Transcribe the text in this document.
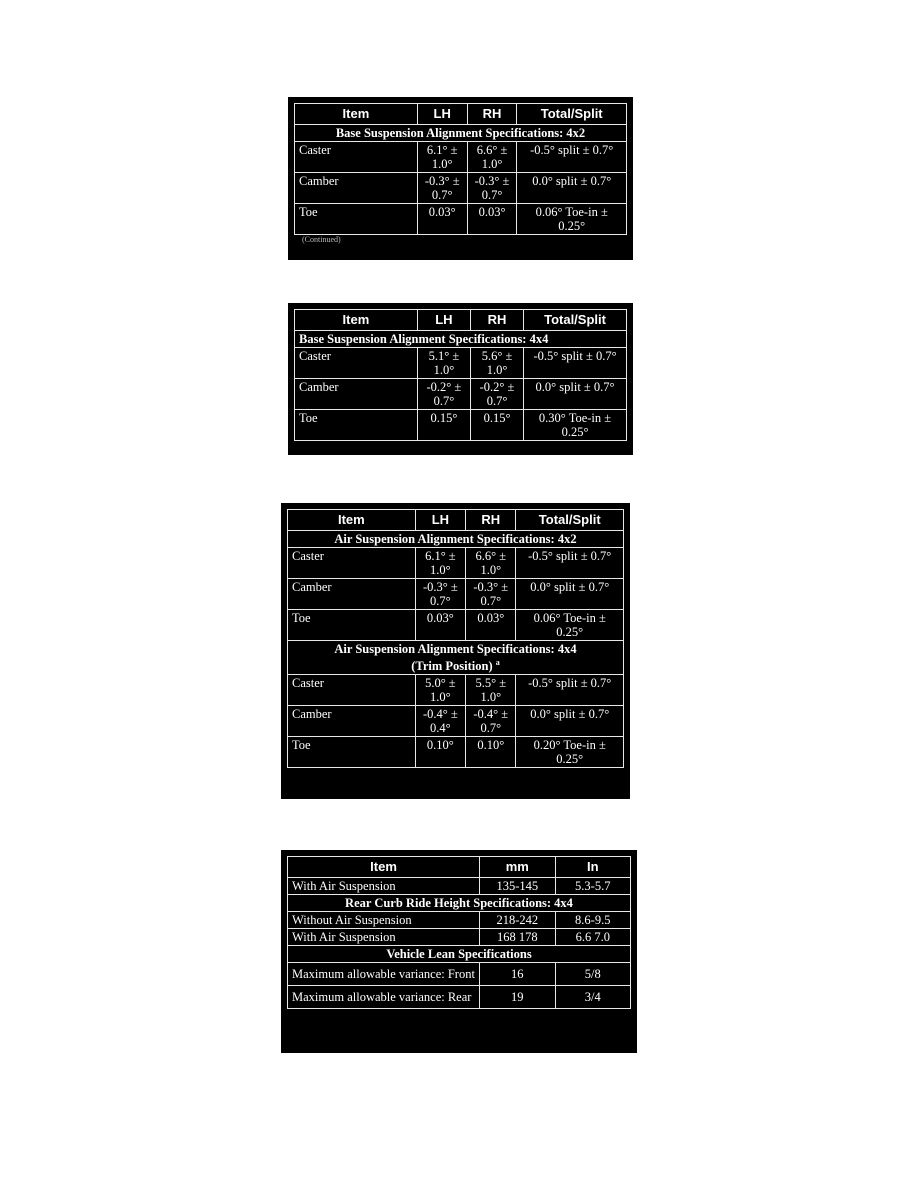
Item	LH	RH	Total/Split
Base Suspension Alignment Specifications: 4x2			
Caster	6.1° ± 1.0°	6.6° ± 1.0°	-0.5° split ± 0.7°
Camber	-0.3° ± 0.7°	-0.3° ± 0.7°	0.0° split ± 0.7°
Toe	0.03°	0.03°	0.06° Toe-in ± 0.25°
(Continued)
Item	LH	RH	Total/Split
Base Suspension Alignment Specifications: 4x4			
Caster	5.1° ± 1.0°	5.6° ± 1.0°	-0.5° split ± 0.7°
Camber	-0.2° ± 0.7°	-0.2° ± 0.7°	0.0° split ± 0.7°
Toe	0.15°	0.15°	0.30° Toe-in ± 0.25°
Item	LH	RH	Total/Split
Air Suspension Alignment Specifications: 4x2			
Caster	6.1° ± 1.0°	6.6° ± 1.0°	-0.5° split ± 0.7°
Camber	-0.3° ± 0.7°	-0.3° ± 0.7°	0.0° split ± 0.7°
Toe	0.03°	0.03°	0.06° Toe-in ± 0.25°
Air Suspension Alignment Specifications: 4x4
(Trim Position) $^a$
Caster	5.0° ± 1.0°	5.5° ± 1.0°	-0.5° split ± 0.7°
Camber	-0.4° ± 0.4°	-0.4° ± 0.7°	0.0° split ± 0.7°
Toe	0.10°	0.10°	0.20° Toe-in ± 0.25°
Item	mm	In
With Air Suspension	135-145	5.3-5.7
Rear Curb Ride Height Specifications: 4x4		
Without Air Suspension	218-242	8.6-9.5
With Air Suspension	168 178	6.6 7.0
Vehicle Lean Specifications		
Maximum allowable variance: Front	16	5/8
Maximum allowable variance: Rear	19	3/4
